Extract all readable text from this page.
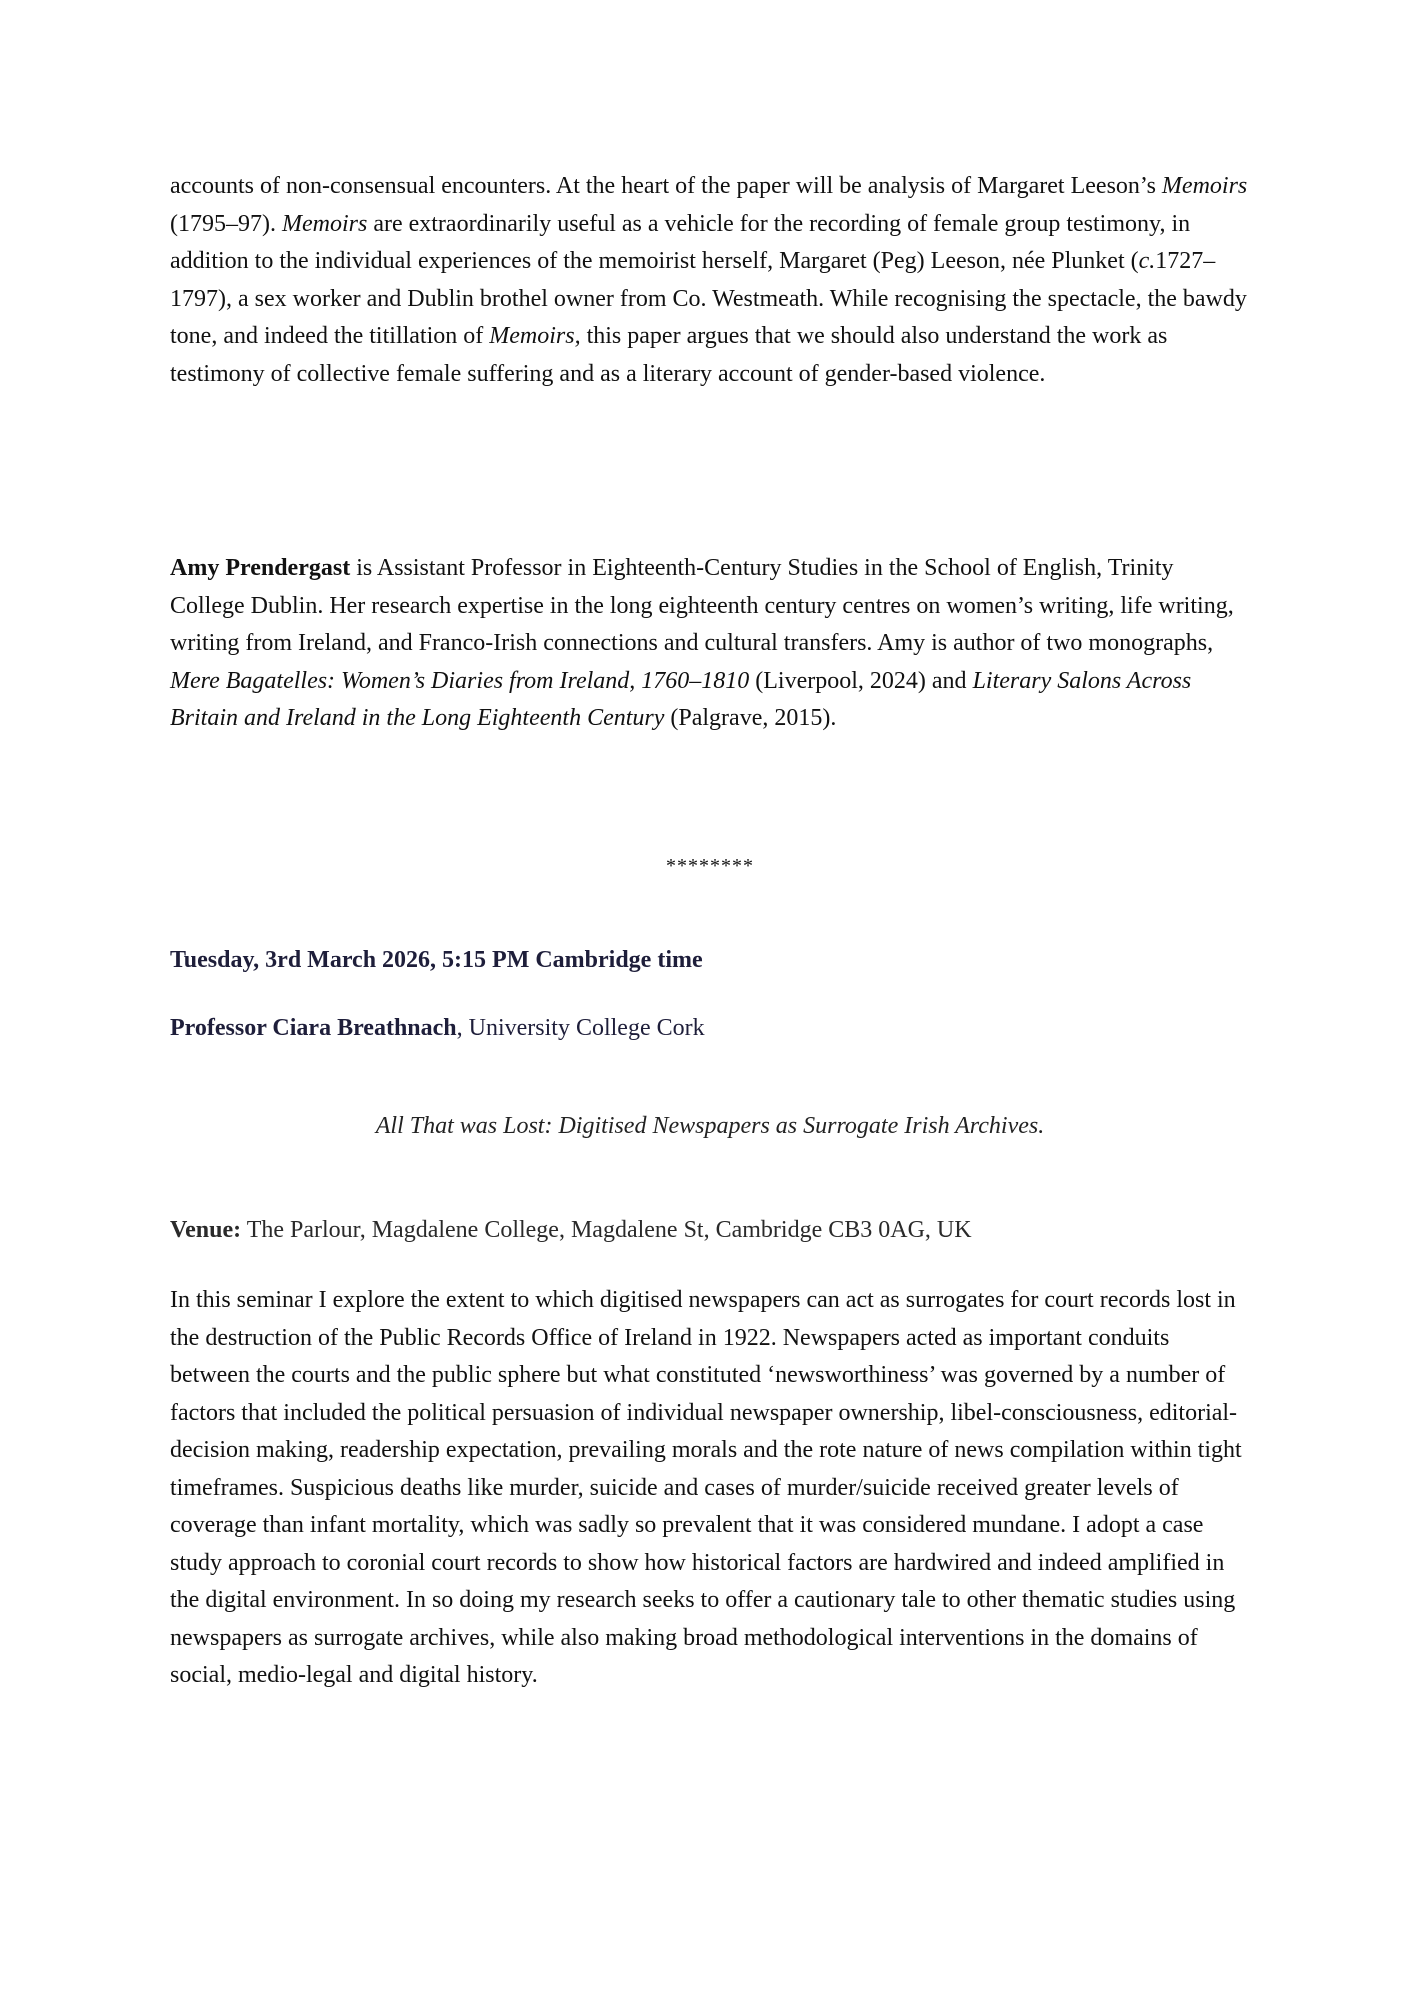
accounts of non-consensual encounters. At the heart of the paper will be analysis of Margaret Leeson’s Memoirs (1795–97). Memoirs are extraordinarily useful as a vehicle for the recording of female group testimony, in addition to the individual experiences of the memoirist herself, Margaret (Peg) Leeson, née Plunket (c.1727–1797), a sex worker and Dublin brothel owner from Co. Westmeath. While recognising the spectacle, the bawdy tone, and indeed the titillation of Memoirs, this paper argues that we should also understand the work as testimony of collective female suffering and as a literary account of gender-based violence.

Amy Prendergast is Assistant Professor in Eighteenth-Century Studies in the School of English, Trinity College Dublin. Her research expertise in the long eighteenth century centres on women’s writing, life writing, writing from Ireland, and Franco-Irish connections and cultural transfers. Amy is author of two monographs, Mere Bagatelles: Women’s Diaries from Ireland, 1760–1810 (Liverpool, 2024) and Literary Salons Across Britain and Ireland in the Long Eighteenth Century (Palgrave, 2015).

********

Tuesday, 3rd March 2026, 5:15 PM Cambridge time

Professor Ciara Breathnach, University College Cork

All That was Lost: Digitised Newspapers as Surrogate Irish Archives.

Venue: The Parlour, Magdalene College, Magdalene St, Cambridge CB3 0AG, UK

In this seminar I explore the extent to which digitised newspapers can act as surrogates for court records lost in the destruction of the Public Records Office of Ireland in 1922. Newspapers acted as important conduits between the courts and the public sphere but what constituted ‘newsworthiness’ was governed by a number of factors that included the political persuasion of individual newspaper ownership, libel-consciousness, editorial-decision making, readership expectation, prevailing morals and the rote nature of news compilation within tight timeframes. Suspicious deaths like murder, suicide and cases of murder/suicide received greater levels of coverage than infant mortality, which was sadly so prevalent that it was considered mundane. I adopt a case study approach to coronial court records to show how historical factors are hardwired and indeed amplified in the digital environment. In so doing my research seeks to offer a cautionary tale to other thematic studies using newspapers as surrogate archives, while also making broad methodological interventions in the domains of social, medio-legal and digital history.
